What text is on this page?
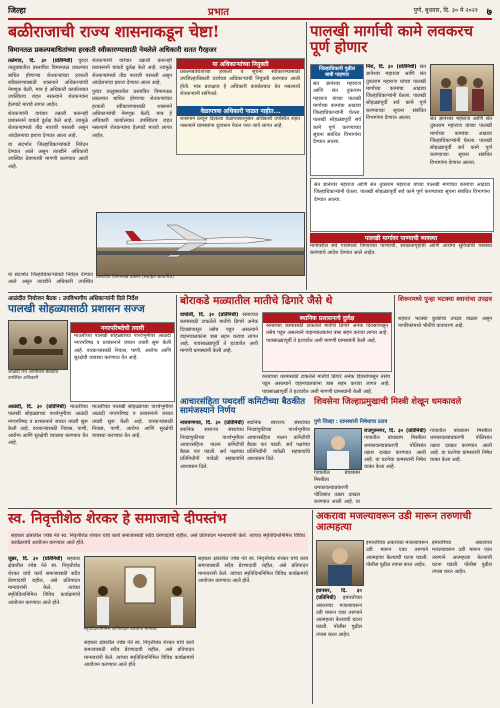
जिल्हा	प्रभात	पुणे, बुधवार, दि. ३० मे २०२१ ७
बळीराजाची राज्य शासनाकडून चेष्टा!
विमानतळ प्रकल्पबाधितांच्या हरकती स्वीकारण्यासाठी नेमलेले अधिकारी सतत गैरहजर

तळेगाव, दि. ३० (प्रतिनिधी) पुरंदर तालुक्यातील प्रस्तावित विमानतळ प्रकल्पात बाधित होणाऱ्या शेतकऱ्यांच्या हरकती स्वीकारण्यासाठी शासनाने अधिकाऱ्यांची नेमणूक केली, मात्र हे अधिकारी कार्यालयात उपस्थितच राहत नसल्याने शेतकऱ्यांना हेलपाटे मारावे लागत आहेत.

शेतकऱ्यांनी वारंवार तक्रारी करूनही प्रशासनाने याकडे दुर्लक्ष केले आहे. त्यामुळे शेतकऱ्यांमध्ये तीव्र नाराजी पसरली असून आंदोलनाचा इशारा देण्यात आला आहे.

या संदर्भात जिल्हाधिकाऱ्यांकडे निवेदन देण्यात आले असून तातडीने अधिकारी उपस्थित ठेवण्याची मागणी करण्यात आली आहे.

शेतकऱ्यांनी वारंवार तक्रारी करूनही प्रशासनाने याकडे दुर्लक्ष केले आहे. त्यामुळे शेतकऱ्यांमध्ये तीव्र नाराजी पसरली असून आंदोलनाचा इशारा देण्यात आला आहे.

पुरंदर तालुक्यातील प्रस्तावित विमानतळ प्रकल्पात बाधित होणाऱ्या शेतकऱ्यांच्या हरकती स्वीकारण्यासाठी शासनाने अधिकाऱ्यांची नेमणूक केली, मात्र हे अधिकारी कार्यालयात उपस्थितच राहत नसल्याने शेतकऱ्यांना हेलपाटे मारावे लागत आहेत.

या अधिकाऱ्यांच्या नियुक्ती
प्रकल्पबाधितांच्या हरकती व सूचना स्वीकारण्यासाठी उपजिल्हाधिकारी दर्जाच्या अधिकाऱ्यांची नियुक्ती करण्यात आली होती. मात्र प्रत्यक्षात हे अधिकारी कार्यालयात येत नसल्याचे शेतकऱ्यांनी सांगितले.
वेळापत्रक अधिकारी पाळत नाहीत...
शासनाने ठरवून दिलेल्या वेळापत्रकानुसार अधिकारी उपस्थित राहत नसल्याने ग्रामस्थांना दूरवरून येऊन परत जावे लागत आहे.
प्रस्तावित विमानतळ प्रकल्प (संग्रहित छायाचित्र)
या संदर्भात जिल्हाधिकाऱ्यांकडे निवेदन देण्यात आले असून तातडीने अधिकारी उपस्थित
पालखी मार्गाची कामे लवकरच पूर्ण होणार
जिल्हाधिकारी पुढील बाबी पाहणार
संत ज्ञानेश्वर महाराज आणि संत तुकाराम महाराज यांच्या पालखी मार्गाच्या कामांचा आढावा जिल्हाधिकाऱ्यांनी घेतला. पालखी सोहळ्यापूर्वी सर्व कामे पूर्ण करण्याच्या सूचना संबंधित विभागांना देण्यात आल्या.

निरा, दि. ३० (प्रतिनिधी) संत ज्ञानेश्वर महाराज आणि संत तुकाराम महाराज यांच्या पालखी मार्गाच्या कामांचा आढावा जिल्हाधिकाऱ्यांनी घेतला. पालखी सोहळ्यापूर्वी सर्व कामे पूर्ण करण्याच्या सूचना संबंधित विभागांना देण्यात आल्या.	संत ज्ञानेश्वर महाराज आणि संत तुकाराम महाराज यांच्या पालखी मार्गाच्या कामांचा आढावा जिल्हाधिकाऱ्यांनी घेतला. पालखी सोहळ्यापूर्वी सर्व कामे पूर्ण करण्याच्या सूचना संबंधित विभागांना देण्यात आल्या.
संत ज्ञानेश्वर महाराज आणि संत तुकाराम महाराज यांच्या पालखी मार्गाच्या कामांचा आढावा जिल्हाधिकाऱ्यांनी घेतला. पालखी सोहळ्यापूर्वी सर्व कामे पूर्ण करण्याच्या सूचना संबंधित विभागांना देण्यात आल्या.
पालखी मार्गावर पाण्याची व्यवस्था
मार्गावरील सर्व गावांमध्ये पिण्याच्या पाण्याची, स्वच्छतागृहांची आणि आरोग्य सुविधांची व्यवस्था करण्याचे आदेश देण्यात आले आहेत.
आळंदीत नियोजन बैठक : उपविभागीय अधिकाऱ्यांनी दिले निर्देश
पालखी सोहळ्यासाठी प्रशासन सज्ज
नगरपरिषदेची तयारी
माउलींच्या पालखी सोहळ्याच्या पार्श्वभूमीवर आळंदी नगरपरिषद व प्रशासनाने जय्यत तयारी सुरू केली आहे. वारकऱ्यांसाठी निवास, पाणी, आरोग्य आणि सुरक्षेची व्यवस्था करण्यात येत आहे.
आळंदी येथे आयोजित बैठकीत उपस्थित अधिकारी

आळंदी, दि. ३० (प्रतिनिधी) माउलींच्या पालखी सोहळ्याच्या पार्श्वभूमीवर आळंदी नगरपरिषद व प्रशासनाने जय्यत तयारी सुरू केली आहे. वारकऱ्यांसाठी निवास, पाणी, आरोग्य आणि सुरक्षेची व्यवस्था करण्यात येत आहे.

माउलींच्या पालखी सोहळ्याच्या पार्श्वभूमीवर आळंदी नगरपरिषद व प्रशासनाने जय्यत तयारी सुरू केली आहे. वारकऱ्यांसाठी निवास, पाणी, आरोग्य आणि सुरक्षेची व्यवस्था करण्यात येत आहे.
बोराकडे मळ्यातील मातीचे ढिगारे जैसे थे
स्थानिक प्रशासनाचे दुर्लक्ष
रस्त्याच्या कामासाठी टाकलेले मातीचे ढिगारे अनेक दिवसांपासून तसेच पडून असल्याने वाहनचालकांना त्रास सहन करावा लागत आहे. पावसाळ्यापूर्वी ते हटवावेत अशी मागणी ग्रामस्थांनी केली आहे.

वाघोली, दि. ३० (प्रतिनिधी) रस्त्याच्या कामासाठी टाकलेले मातीचे ढिगारे अनेक दिवसांपासून तसेच पडून असल्याने वाहनचालकांना त्रास सहन करावा लागत आहे. पावसाळ्यापूर्वी ते हटवावेत अशी मागणी ग्रामस्थांनी केली आहे.

रस्त्याच्या कामासाठी टाकलेले मातीचे ढिगारे अनेक दिवसांपासून तसेच पडून असल्याने वाहनचालकांना त्रास सहन करावा लागत आहे. पावसाळ्यापूर्वी ते हटवावेत अशी मागणी ग्रामस्थांनी केली आहे.
आचारसंहिता पथदर्शी कमिटीच्या बैठकीत सामंजस्याने निर्णय

नारायणगाव, दि. ३० (प्रतिनिधी) स्थानिक स्वराज्य संस्थांच्या निवडणुकीच्या पार्श्वभूमीवर आचारसंहिता पालन कमिटीची बैठक पार पडली. सर्व पक्षांच्या प्रतिनिधींनी यावेळी सहकार्याचे आश्वासन दिले.

स्थानिक स्वराज्य संस्थांच्या निवडणुकीच्या पार्श्वभूमीवर आचारसंहिता पालन कमिटीची बैठक पार पडली. सर्व पक्षांच्या प्रतिनिधींनी यावेळी सहकार्याचे आश्वासन दिले.
शिवसेना जिल्हाप्रमुखाची मिस्त्री शेखून धमकावले
पुणे जिल्हा : ग्रामस्थांनी निषेधाचा ठराव

राजगुरुनगर, दि. ३० (प्रतिनिधी) गावातील बांधकाम मिस्त्रीला धमकावल्याप्रकरणी पोलिसांत तक्रार दाखल करण्यात आली आहे. या घटनेचा ग्रामस्थांनी निषेध व्यक्त केला आहे.

गावातील बांधकाम मिस्त्रीला धमकावल्याप्रकरणी पोलिसांत तक्रार दाखल करण्यात आली आहे. या घटनेचा ग्रामस्थांनी निषेध व्यक्त केला आहे.
गावातील बांधकाम मिस्त्रीला धमकावल्याप्रकरणी पोलिसांत तक्रार दाखल करण्यात आली आहे. या
शिरूरमध्ये पुन्हा भटक्या श्वानांचा उपद्रव
शहरात भटक्या कुत्र्यांचा उपद्रव वाढला असून नागरिकांमध्ये भीतीचे वातावरण आहे.
स्व. निवृत्तीशेठ शेरकर हे समाजाचे दीपस्तंभ
सहकार क्षेत्रातील ज्येष्ठ नेते स्व. निवृत्तीशेठ शेरकर यांचे कार्य समाजासाठी सदैव प्रेरणादायी राहील, असे प्रतिपादन मान्यवरांनी केले. त्यांच्या स्मृतिदिनानिमित्त विविध कार्यक्रमांचे आयोजन करण्यात आले होते.

जुन्नर, दि. ३० (प्रतिनिधी) सहकार क्षेत्रातील ज्येष्ठ नेते स्व. निवृत्तीशेठ शेरकर यांचे कार्य समाजासाठी सदैव प्रेरणादायी राहील, असे प्रतिपादन मान्यवरांनी केले. त्यांच्या स्मृतिदिनानिमित्त विविध कार्यक्रमांचे आयोजन करण्यात आले होते.

स्मृतिदिनानिमित्त अभिवादन करताना मान्यवर
सहकार क्षेत्रातील ज्येष्ठ नेते स्व. निवृत्तीशेठ शेरकर यांचे कार्य समाजासाठी सदैव प्रेरणादायी राहील, असे प्रतिपादन मान्यवरांनी केले. त्यांच्या स्मृतिदिनानिमित्त विविध कार्यक्रमांचे आयोजन करण्यात आले होते.
सहकार क्षेत्रातील ज्येष्ठ नेते स्व. निवृत्तीशेठ शेरकर यांचे कार्य समाजासाठी सदैव प्रेरणादायी राहील, असे प्रतिपादन मान्यवरांनी केले. त्यांच्या स्मृतिदिनानिमित्त विविध कार्यक्रमांचे आयोजन करण्यात आले होते.
अकरावा मजल्यावरून उडी मारून तरुणाची आत्महत्या

हडपसर, दि. ३० (प्रतिनिधी) इमारतीच्या अकराव्या मजल्यावरून उडी मारून एका तरुणाने आत्महत्या केल्याची घटना घडली. पोलीस पुढील तपास करत आहेत.

इमारतीच्या अकराव्या मजल्यावरून उडी मारून एका तरुणाने आत्महत्या केल्याची घटना घडली. पोलीस पुढील तपास करत आहेत.
इमारतीच्या अकराव्या मजल्यावरून उडी मारून एका तरुणाने आत्महत्या केल्याची घटना घडली. पोलीस पुढील तपास करत आहेत.
